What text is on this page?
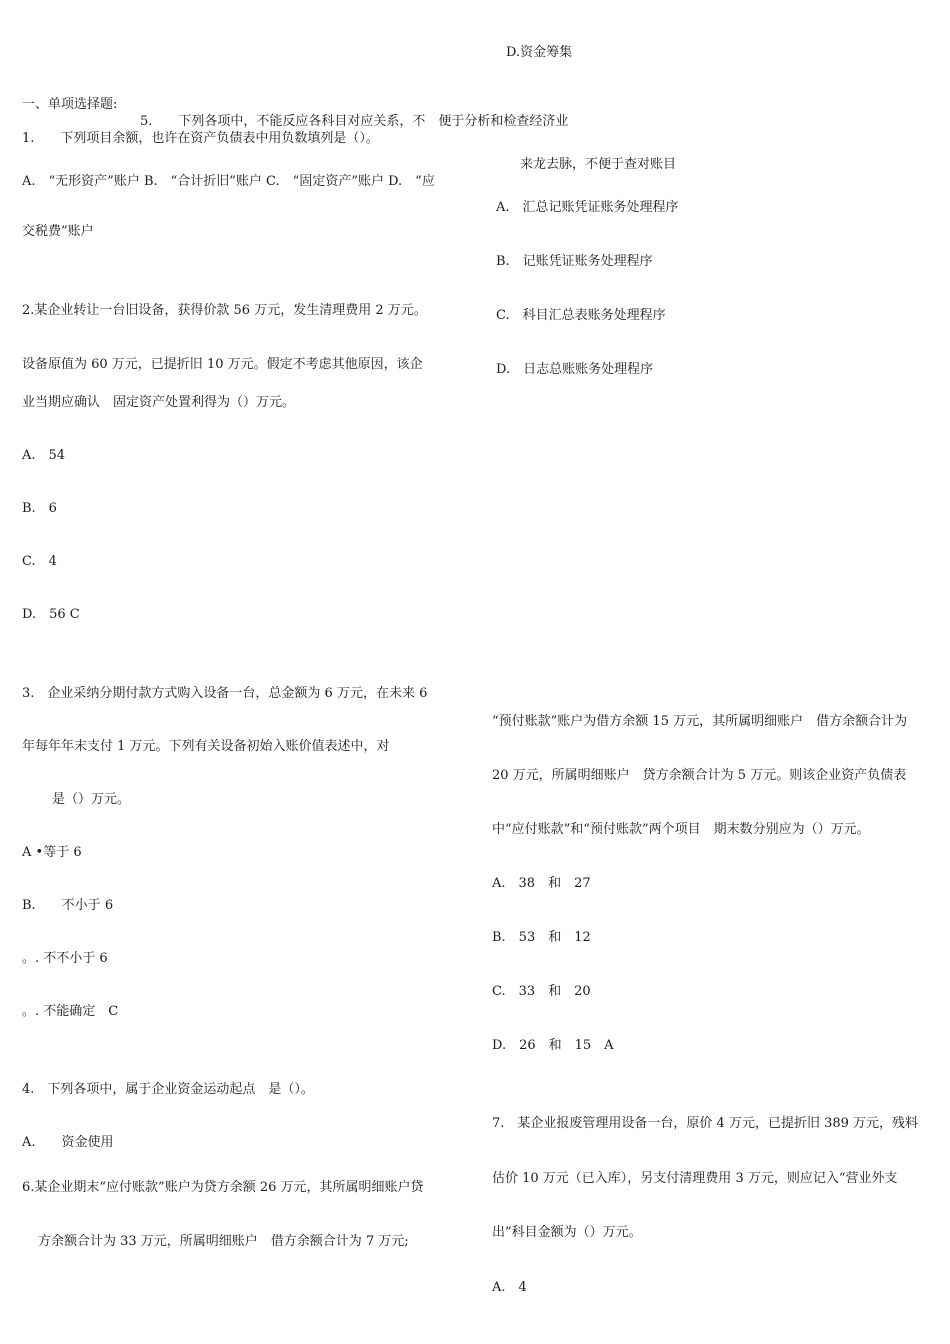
D.资金筹集

一、单项选择题:

5.　　下列各项中，不能反应各科目对应关系，不　便于分析和检查经济业

1.　　下列项目余额，也许在资产负债表中用负数填列是（）。

来龙去脉，不便于查对账目

A.　“无形资产”账户 B.　“合计折旧”账户 C.　“固定资产”账户 D.　“应

A.　汇总记账凭证账务处理程序

交税费”账户

B.　记账凭证账务处理程序

2.某企业转让一台旧设备，获得价款 56 万元，发生清理费用 2 万元。	C.　科目汇总表账务处理程序

设备原值为 60 万元，已提折旧 10 万元。假定不考虑其他原因，该企	D.　日志总账账务处理程序

业当期应确认　固定资产处置利得为（）万元。

A.　54

B.　6

C.　4

D.　56 C

3.　企业采纳分期付款方式购入设备一台，总金额为 6 万元，在未来 6

“预付账款”账户为借方余额 15 万元，其所属明细账户　借方余额合计为

年每年年末支付 1 万元。下列有关设备初始入账价值表述中，对

20 万元，所属明细账户　贷方余额合计为 5 万元。则该企业资产负债表

是（）万元。

中“应付账款”和“预付账款”两个项目　期末数分别应为（）万元。

A •等于 6

A.　38　和　27

B.　　不小于 6

B.　53　和　12

。. 不不小于 6

C.　33　和　20

。. 不能确定　C

D.　26　和　15　A

4.　下列各项中，属于企业资金运动起点　是（）。

7.　某企业报废管理用设备一台，原价 4 万元，已提折旧 389 万元，残料

A.　　资金使用

估价 10 万元（已入库），另支付清理费用 3 万元，则应记入“营业外支

6.某企业期末“应付账款”账户为贷方余额 26 万元，其所属明细账户贷

出”科目金额为（）万元。

方余额合计为 33 万元，所属明细账户　借方余额合计为 7 万元;

A.　4
